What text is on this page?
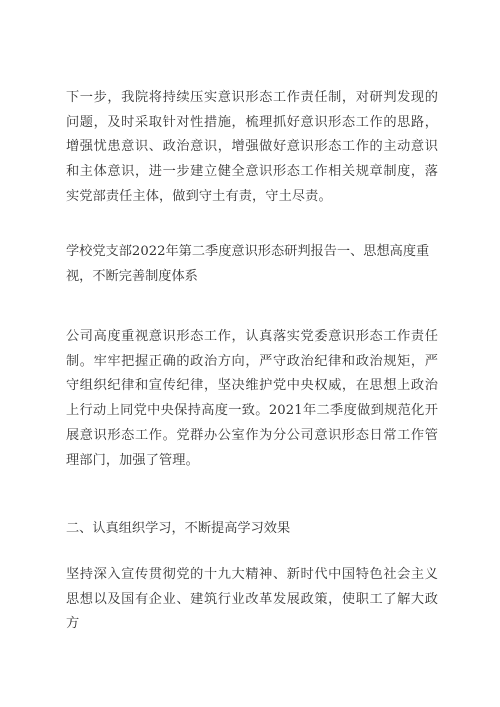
下一步，我院将持续压实意识形态工作责任制，对研判发现的问题，及时采取针对性措施，梳理抓好意识形态工作的思路，增强忧患意识、政治意识，增强做好意识形态工作的主动意识和主体意识，进一步建立健全意识形态工作相关规章制度，落实党部责任主体，做到守土有责，守土尽责。

学校党支部2022年第二季度意识形态研判报告一、思想高度重视，不断完善制度体系

公司高度重视意识形态工作，认真落实党委意识形态工作责任制。牢牢把握正确的政治方向，严守政治纪律和政治规矩，严守组织纪律和宣传纪律，坚决维护党中央权威，在思想上政治上行动上同党中央保持高度一致。2021年二季度做到规范化开展意识形态工作。党群办公室作为分公司意识形态日常工作管理部门，加强了管理。

二、认真组织学习，不断提高学习效果

坚持深入宣传贯彻党的十九大精神、新时代中国特色社会主义思想以及国有企业、建筑行业改革发展政策，使职工了解大政方
